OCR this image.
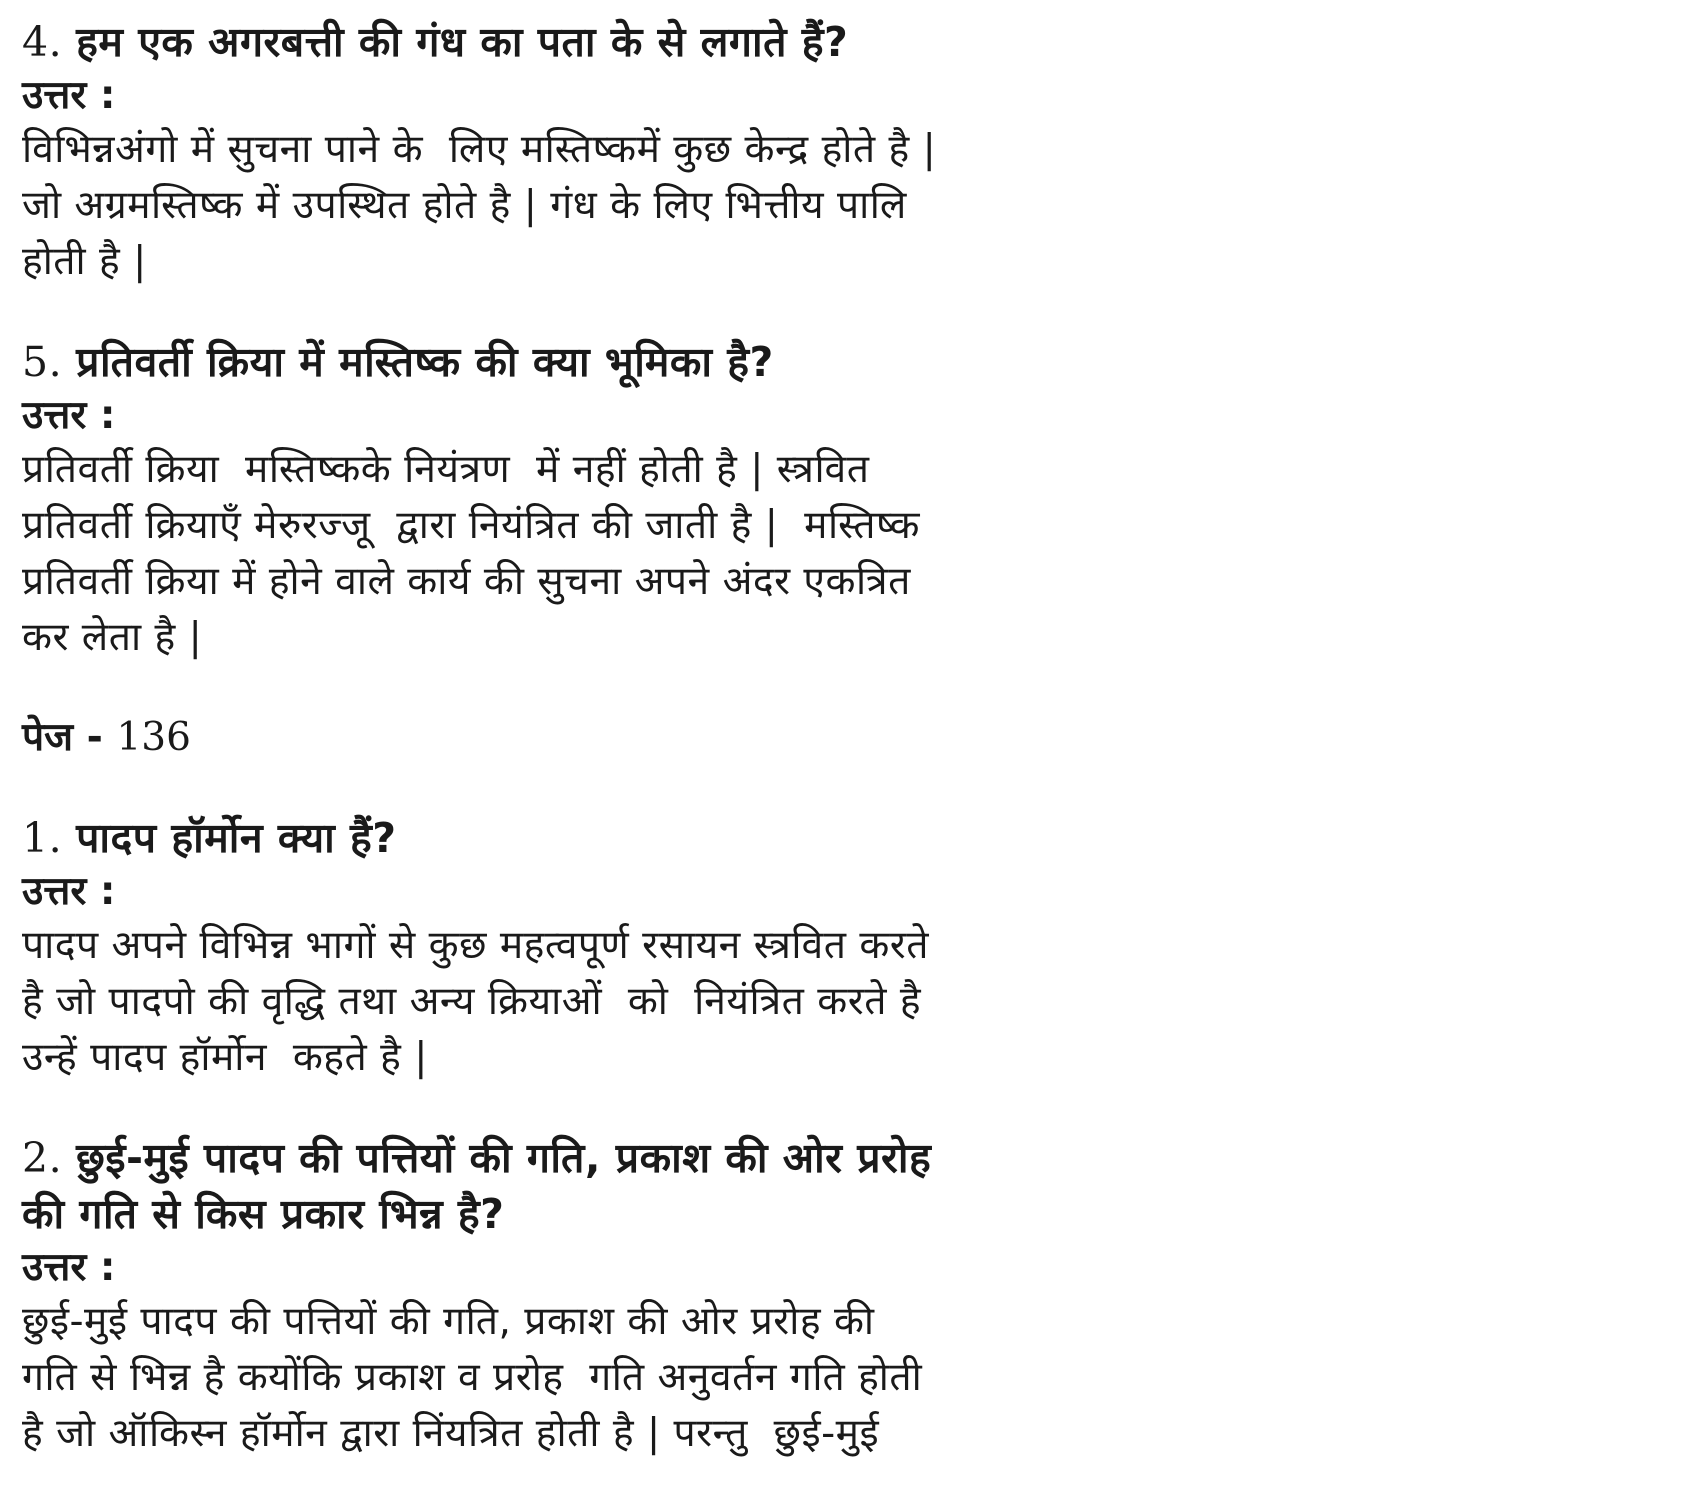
4. हम एक अगरबत्ती की गंध का पता के से लगाते हैं?

उत्तर :

विभिन्नअंगो में सुचना पाने के  लिए मस्तिष्कमें कुछ केन्द्र होते है |
जो अग्रमस्तिष्क में उपस्थित होते है | गंध के लिए भित्तीय पालि
होती है |

5. प्रतिवर्ती क्रिया में मस्तिष्क की क्या भूमिका है?

उत्तर :

प्रतिवर्ती क्रिया  मस्तिष्कके नियंत्रण  में नहीं होती है | स्त्रवित
प्रतिवर्ती क्रियाएँ मेरुरज्जू  द्वारा नियंत्रित की जाती है |  मस्तिष्क
प्रतिवर्ती क्रिया में होने वाले कार्य की सुचना अपने अंदर एकत्रित
कर लेता है |

पेज - 136

1. पादप हॉर्मोन क्या हैं?

उत्तर :

पादप अपने विभिन्न भागों से कुछ महत्वपूर्ण रसायन स्त्रवित करते
है जो पादपो की वृद्धि तथा अन्य क्रियाओं  को  नियंत्रित करते है
उन्हें पादप हॉर्मोन  कहते है |

2. छुई-मुई पादप की पत्तियों की गति, प्रकाश की ओर प्ररोह

की गति से किस प्रकार भिन्न है?

उत्तर :

छुई-मुई पादप की पत्तियों की गति, प्रकाश की ओर प्ररोह की
गति से भिन्न है कयोंकि प्रकाश व प्ररोह  गति अनुवर्तन गति होती
है जो ऑकिस्न हॉर्मोन द्वारा निंयत्रित होती है | परन्तु  छुई-मुई
